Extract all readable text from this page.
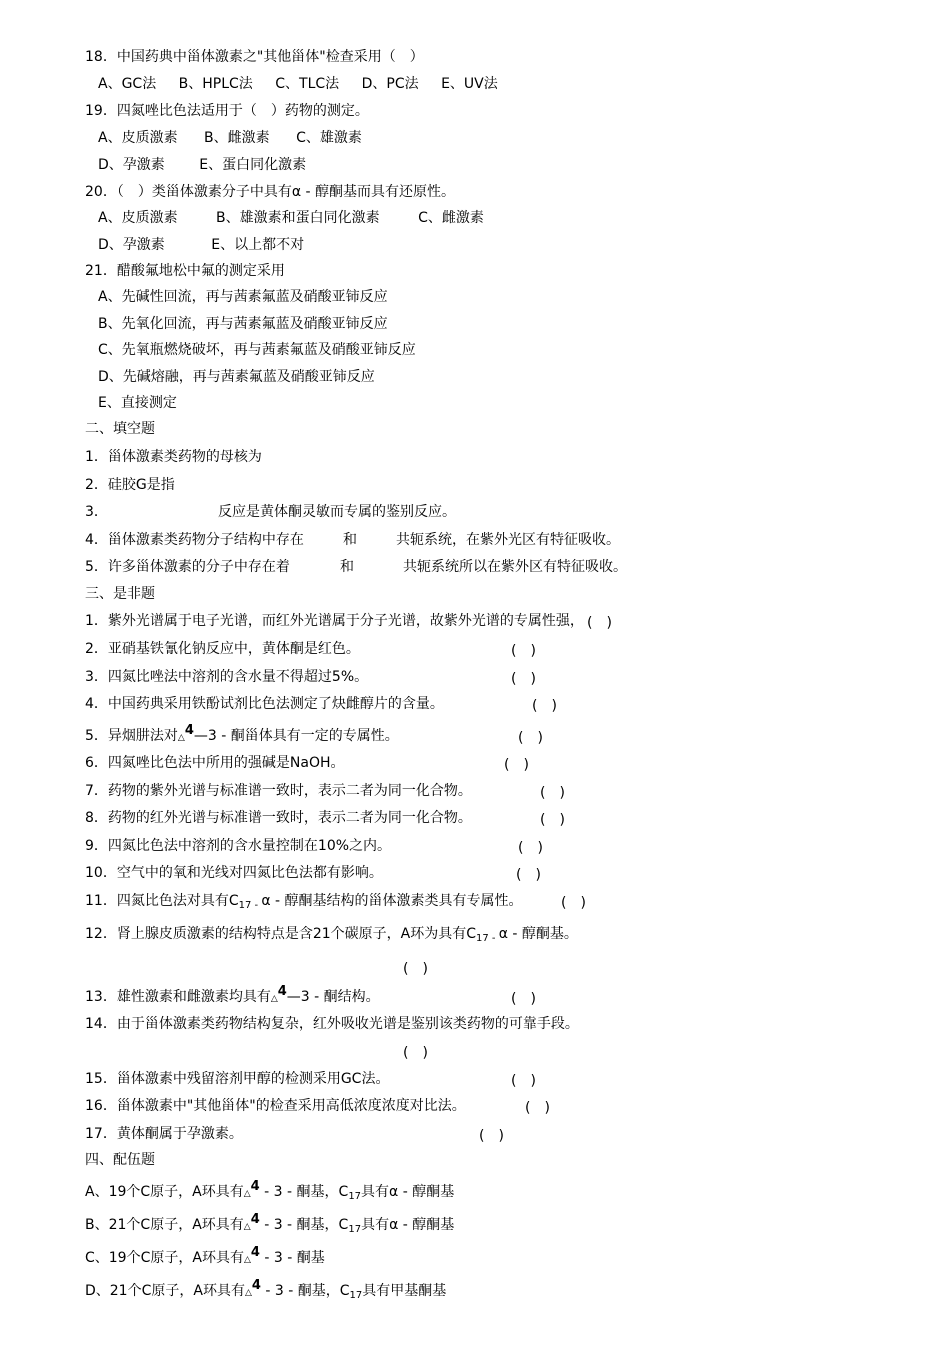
18．中国药典中甾体激素之"其他甾体"检查采用（　）
A、GC法 B、HPLC法 C、TLC法 D、PC法 E、UV法
19．四氮唑比色法适用于（　）药物的测定。
A、皮质激素 B、雌激素 C、雄激素
D、孕激素 E、蛋白同化激素
20．（　）类甾体激素分子中具有α - 醇酮基而具有还原性。
A、皮质激素	B、雄激素和蛋白同化激素	C、雌激素
D、孕激素	E、以上都不对
21．醋酸氟地松中氟的测定采用
A、先碱性回流，再与茜素氟蓝及硝酸亚铈反应
B、先氧化回流，再与茜素氟蓝及硝酸亚铈反应
C、先氧瓶燃烧破坏，再与茜素氟蓝及硝酸亚铈反应
D、先碱熔融，再与茜素氟蓝及硝酸亚铈反应
E、直接测定
二、填空题
1．甾体激素类药物的母核为
2．硅胶G是指
3．	反应是黄体酮灵敏而专属的鉴别反应。
4．甾体激素类药物分子结构中存在	和	共轭系统，在紫外光区有特征吸收。
5．许多甾体激素的分子中存在着	和	共轭系统所以在紫外区有特征吸收。
三、是非题
1．紫外光谱属于电子光谱，而红外光谱属于分子光谱，故紫外光谱的专属性强， (　)
2．亚硝基铁氰化钠反应中，黄体酮是红色。	(　)
3．四氮比唑法中溶剂的含水量不得超过5%。	(　)
4．中国药典采用铁酚试剂比色法测定了炔雌醇片的含量。	(　)
5．异烟肼法对△4—3 - 酮甾体具有一定的专属性。	(　)
6．四氮唑比色法中所用的强碱是NaOH。	(　)
7．药物的紫外光谱与标准谱一致时，表示二者为同一化合物。	(　)
8．药物的红外光谱与标准谱一致时，表示二者为同一化合物。	(　)
9．四氮比色法中溶剂的含水量控制在10%之内。	(　)
10．空气中的氧和光线对四氮比色法都有影响。	(　)
11．四氮比色法对具有$C_{17 -}$ α - 醇酮基结构的甾体激素类具有专属性。	(　)
12．肾上腺皮质激素的结构特点是含21个碳原子，A环为具有$C_{17 -}$ α - 醇酮基。
(　)
13．雄性激素和雌激素均具有△4—3 - 酮结构。	(　)
14．由于甾体激素类药物结构复杂，红外吸收光谱是鉴别该类药物的可靠手段。
(　)
15．甾体激素中残留溶剂甲醇的检测采用GC法。	(　)
16．甾体激素中"其他甾体"的检查采用高低浓度浓度对比法。	(　)
17．黄体酮属于孕激素。	(　)
四、配伍题
A、19个C原子，A环具有△4 - 3 - 酮基，$C_{17}$具有α - 醇酮基
B、21个C原子，A环具有△4 - 3 - 酮基，$C_{17}$具有α - 醇酮基
C、19个C原子，A环具有△4 - 3 - 酮基
D、21个C原子，A环具有△4 - 3 - 酮基，$C_{17}$具有甲基酮基
